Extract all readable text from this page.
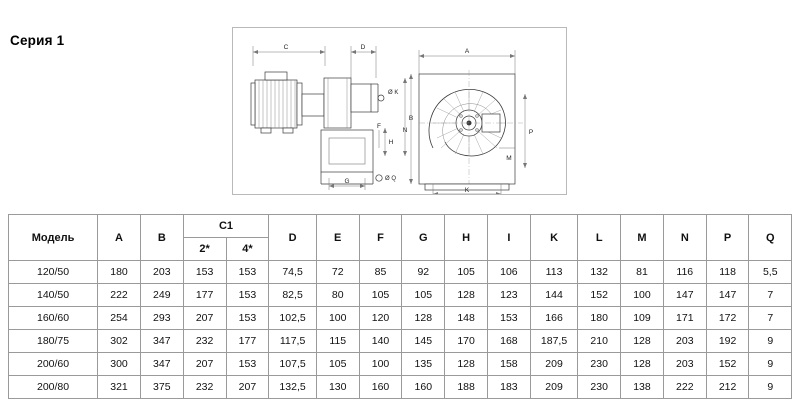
Серия 1	C	D
Ø K
B
Ø Q
H
F
G
A
N	P
K
M
Модель	A	B	C1		D	E	F	G	H	I	K	L	M	N	P	Q
			2*	4*												
120/50	180	203	153	153	74,5	72	85	92	105	106	113	132	81	116	118	5,5
140/50	222	249	177	153	82,5	80	105	105	128	123	144	152	100	147	147	7
160/60	254	293	207	153	102,5	100	120	128	148	153	166	180	109	171	172	7
180/75	302	347	232	177	117,5	115	140	145	170	168	187,5	210	128	203	192	9
200/60	300	347	207	153	107,5	105	100	135	128	158	209	230	128	203	152	9
200/80	321	375	232	207	132,5	130	160	160	188	183	209	230	138	222	212	9
